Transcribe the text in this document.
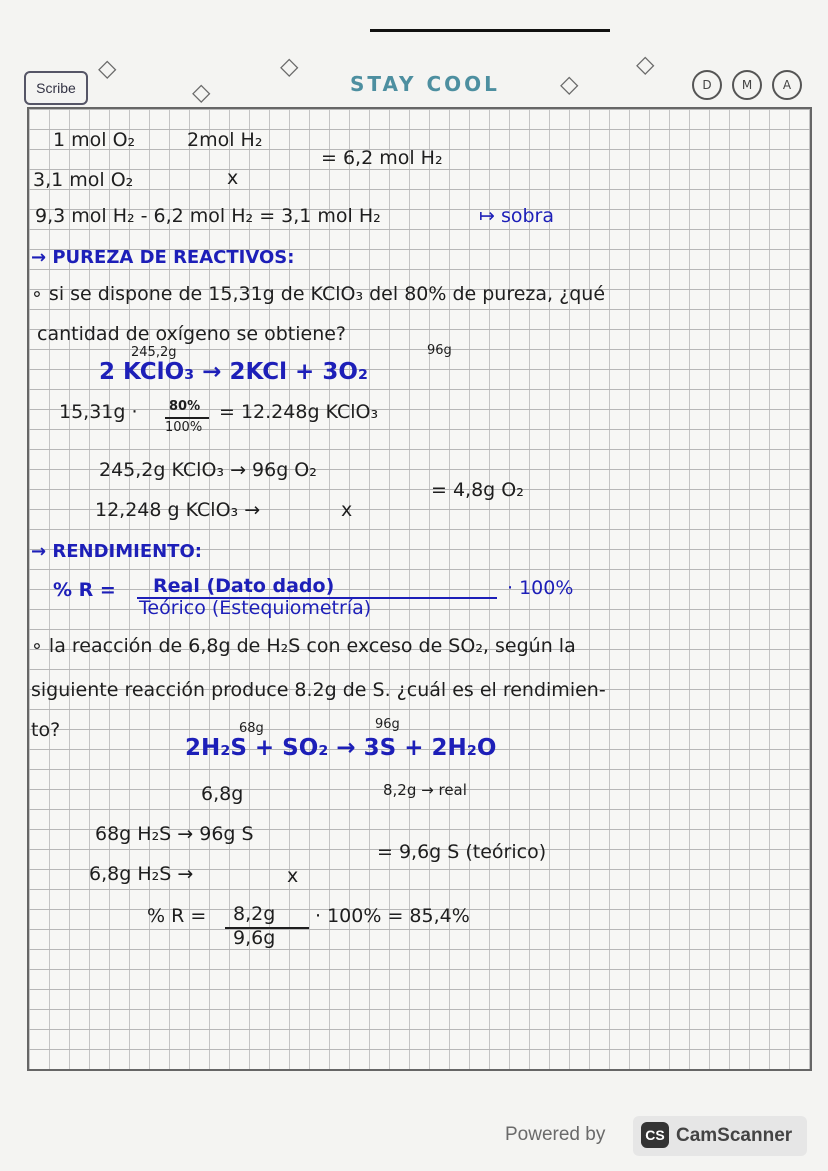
Scribe
◇
◇
◇
STAY COOL	◇
◇
D	M	A
1 mol O₂	2mol H₂
= 6,2 mol H₂
3,1 mol O₂	x
9,3 mol H₂ - 6,2 mol H₂ = 3,1 mol H₂	↦ sobra
→ PUREZA DE REACTIVOS:
∘ si se dispone de 15,31g de KClO₃ del 80% de pureza, ¿qué
cantidad de oxígeno se obtiene?
245,2g	96g
2 KClO₃ → 2KCl + 3O₂
15,31g · 80%
100%
= 12.248g KClO₃
245,2g KClO₃ → 96g O₂
12,248 g KClO₃ →	x
= 4,8g O₂
→ RENDIMIENTO:
% R = Real (Dato dado)
Teórico (Estequiometría)
· 100%
∘ la reacción de 6,8g de H₂S con exceso de SO₂, según la
siguiente reacción produce 8.2g de S. ¿cuál es el rendimien-
to?	68g	96g
2H₂S + SO₂ → 3S + 2H₂O
6,8g	8,2g → real
68g H₂S → 96g S
6,8g H₂S →	x
= 9,6g S (teórico)
% R = 8,2g
9,6g
· 100% = 85,4%
Powered by	CS CamScanner
